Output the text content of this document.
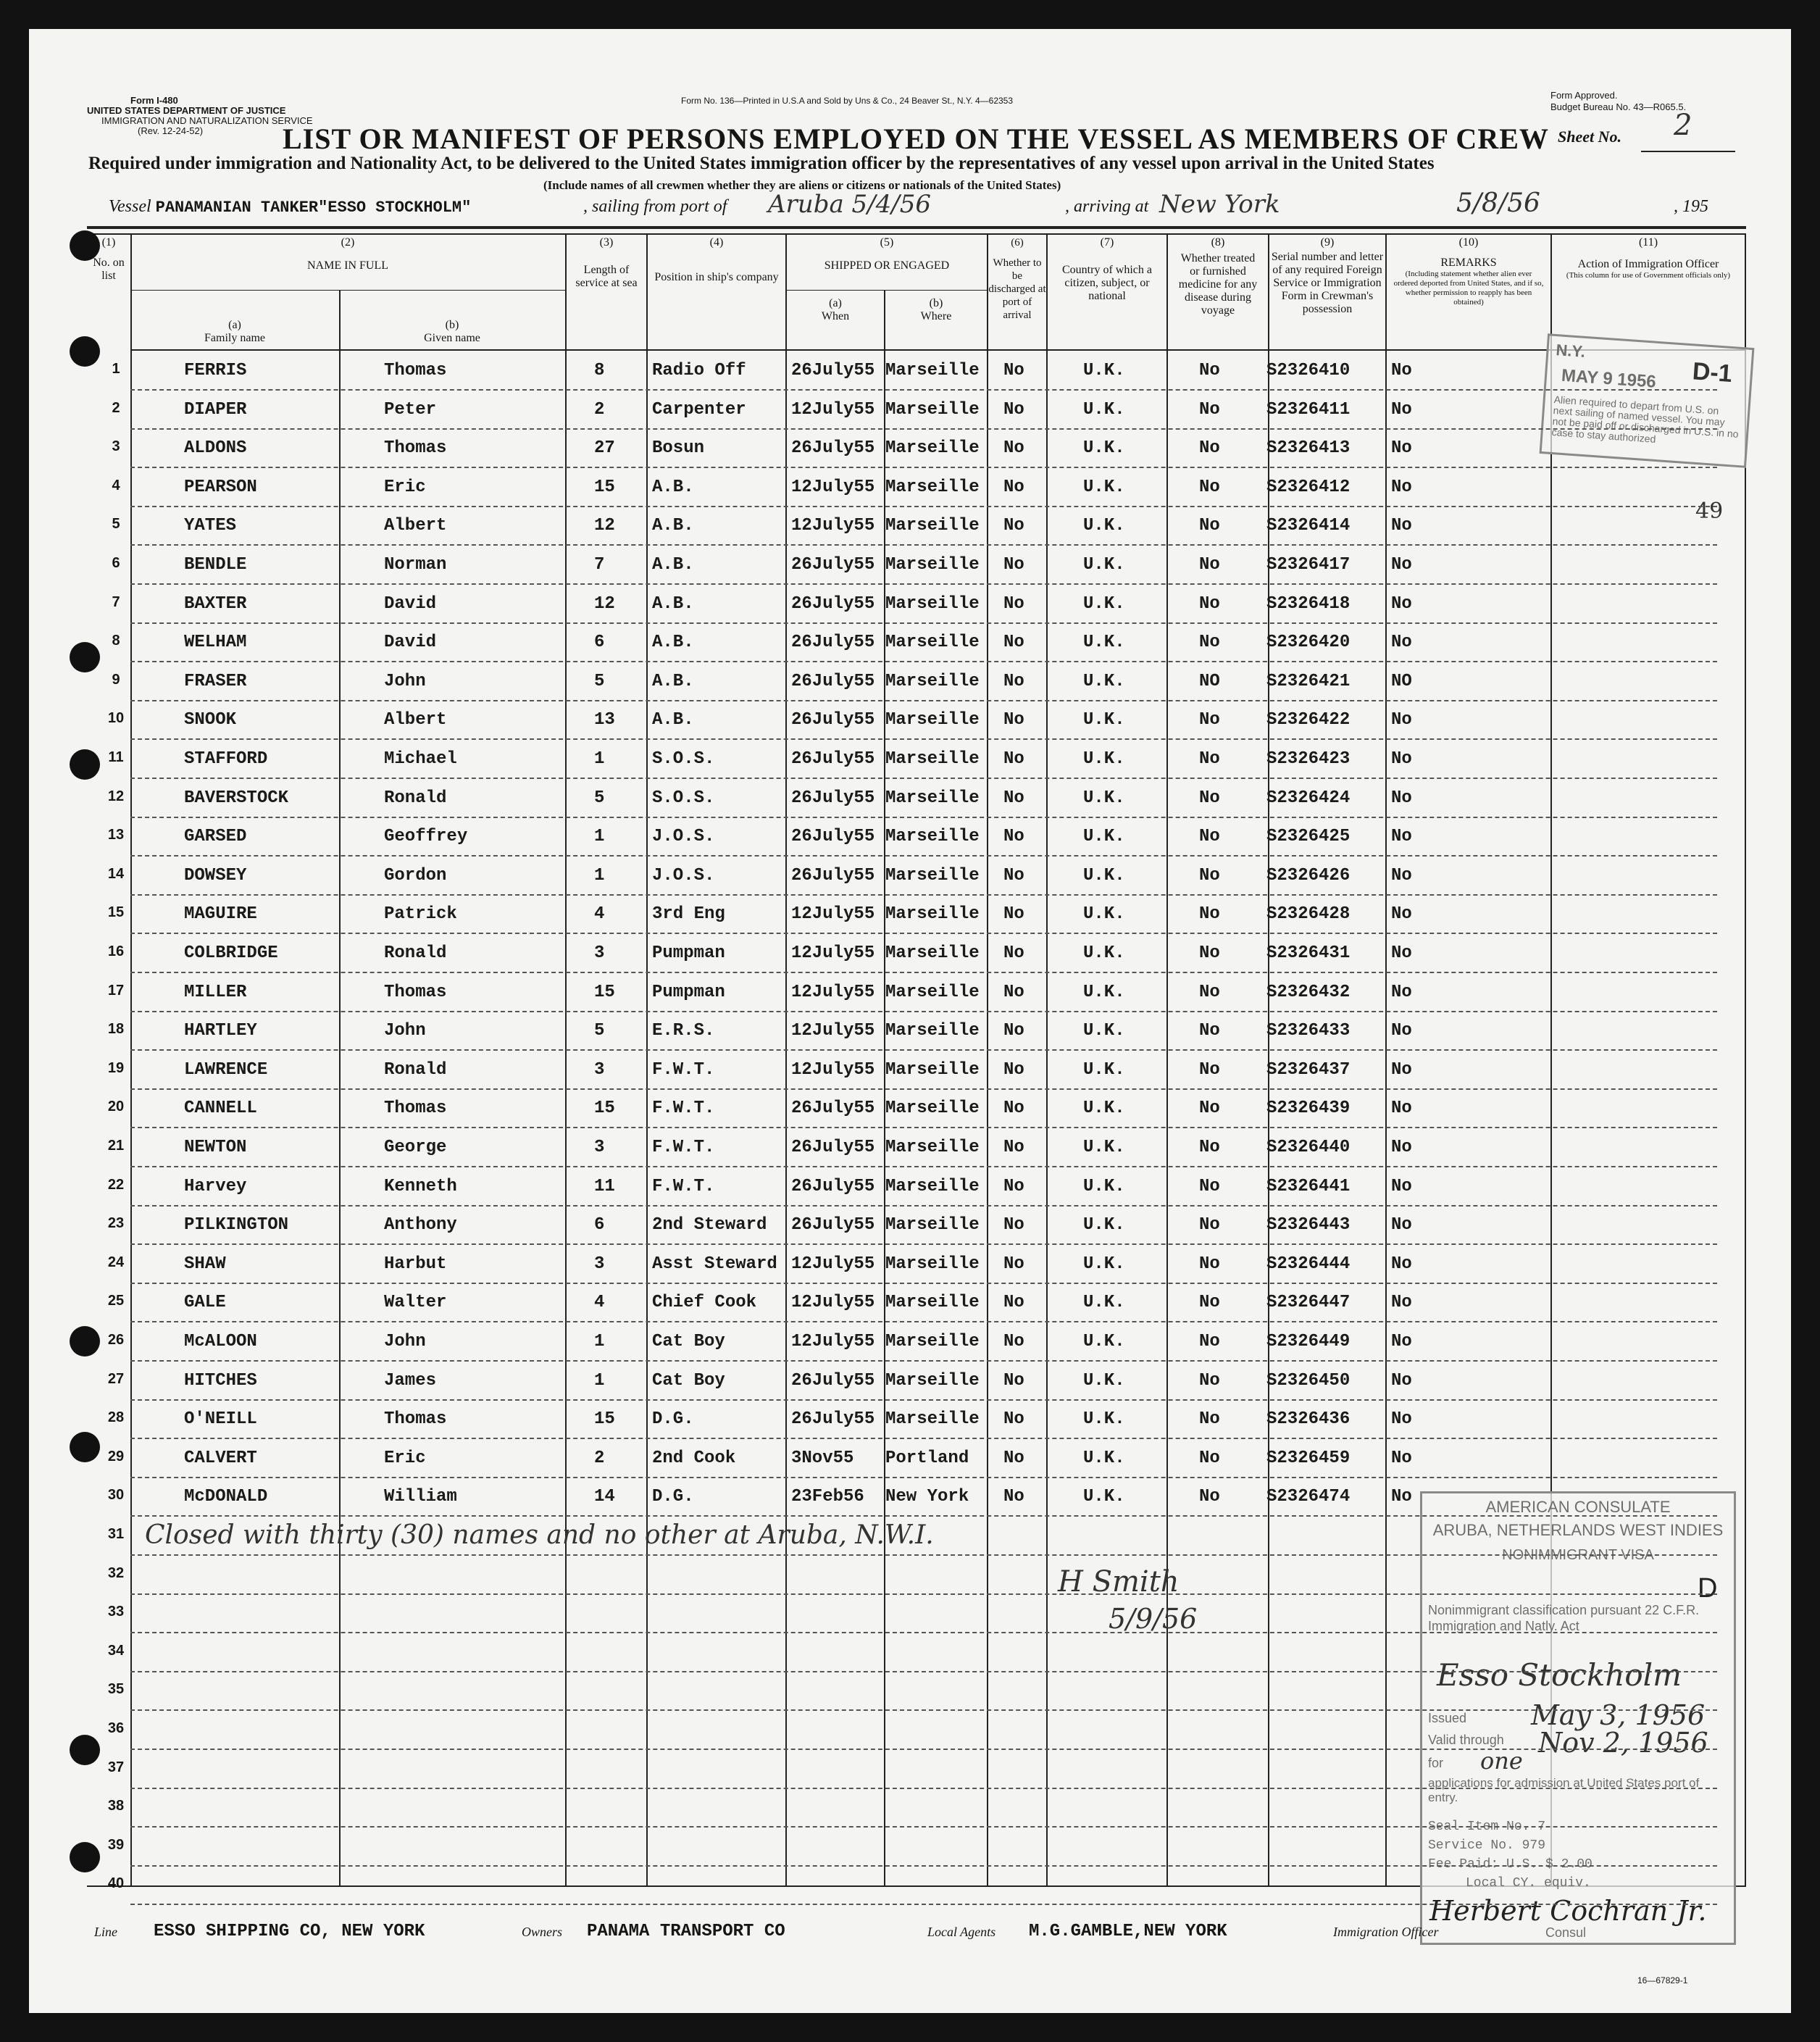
Form I-480
UNITED STATES DEPARTMENT OF JUSTICE
IMMIGRATION AND NATURALIZATION SERVICE
(Rev. 12-24-52)
Form No. 136—Printed in U.S.A and Sold by Uns & Co., 24 Beaver St., N.Y. 4—62353	Form Approved.
Budget Bureau No. 43—R065.5.
LIST OR MANIFEST OF PERSONS EMPLOYED ON THE VESSEL AS MEMBERS OF CREW Sheet No. 2
Required under immigration and Nationality Act, to be delivered to the United States immigration officer by the representatives of any vessel upon arrival in the United States
(Include names of all crewmen whether they are aliens or citizens or nationals of the United States)
Vessel PANAMANIAN TANKER"ESSO STOCKHOLM"	, sailing from port of Aruba 5/4/56	, arriving at New York	5/8/56	, 195
(1)
No. on list
(2)
NAME IN FULL
(a)
Family name
(b)
Given name
(3)
Length of service at sea
(4)
Position in ship's company
(5)
SHIPPED OR ENGAGED
(a)
When
(b)
Where
(6)
Whether to be discharged at port of arrival
(7)
Country of which a citizen, subject, or national
(8)
Whether treated or furnished medicine for any disease during voyage
(9)
Serial number and letter of any required Foreign Service or Immigration Form in Crewman's possession
(10)
REMARKS
(Including statement whether alien ever ordered deported from United States, and if so, whether permission to reapply has been obtained)
(11)
Action of Immigration Officer
(This column for use of Government officials only)
Closed with thirty (30) names and no other at Aruba, N.W.I.
H Smith
5/9/56
N.Y.
MAY 9 1956 D-1
Alien required to depart from U.S. on next sailing of named vessel. You may not be paid off or discharged in U.S. in no case to stay authorized
49
AMERICAN CONSULATE
ARUBA, NETHERLANDS WEST INDIES
NONIMMIGRANT VISA
D
Nonimmigrant classification pursuant 22 C.F.R. Immigration and Natly. Act
Esso Stockholm
Issued May 3, 1956
Valid through Nov 2, 1956
for one
applications for admission at United States port of entry.
Seal Item No. 7
Service No. 979
Fee Paid: U.S. $ 2.00
Local CY. equiv.
Herbert Cochran Jr.
Consul
Line ESSO SHIPPING CO, NEW YORK	Owners PANAMA TRANSPORT CO	Local Agents M.G.GAMBLE,NEW YORK	Immigration Officer
16—67829-1
1	FERRIS	Thomas	8	Radio Off	26July55 Marseille No	U.K.	No	S2326410 No
2	DIAPER	Peter	2	Carpenter	12July55 Marseille No	U.K.	No	S2326411 No
3	ALDONS	Thomas	27 Bosun	26July55 Marseille No	U.K.	No	S2326413 No
4	PEARSON	Eric	15 A.B.	12July55 Marseille No	U.K.	No	S2326412 No
5	YATES	Albert	12 A.B.	12July55 Marseille No	U.K.	No	S2326414 No
6	BENDLE	Norman	7	A.B.	26July55 Marseille No	U.K.	No	S2326417 No
7	BAXTER	David	12 A.B.	26July55 Marseille No	U.K.	No	S2326418 No
8	WELHAM	David	6	A.B.	26July55 Marseille No	U.K.	No	S2326420 No
9	FRASER	John	5	A.B.	26July55 Marseille No	U.K.	NO	S2326421 NO
10	SNOOK	Albert	13 A.B.	26July55 Marseille No	U.K.	No	S2326422 No
11	STAFFORD	Michael	1	S.O.S.	26July55 Marseille No	U.K.	No	S2326423 No
12	BAVERSTOCK	Ronald	5	S.O.S.	26July55 Marseille No	U.K.	No	S2326424 No
13	GARSED	Geoffrey	1	J.O.S.	26July55 Marseille No	U.K.	No	S2326425 No
14	DOWSEY	Gordon	1	J.O.S.	26July55 Marseille No	U.K.	No	S2326426 No
15	MAGUIRE	Patrick	4	3rd Eng	12July55 Marseille No	U.K.	No	S2326428 No
16	COLBRIDGE	Ronald	3	Pumpman	12July55 Marseille No	U.K.	No	S2326431 No
17	MILLER	Thomas	15 Pumpman	12July55 Marseille No	U.K.	No	S2326432 No
18	HARTLEY	John	5	E.R.S.	12July55 Marseille No	U.K.	No	S2326433 No
19	LAWRENCE	Ronald	3	F.W.T.	12July55 Marseille No	U.K.	No	S2326437 No
20	CANNELL	Thomas	15 F.W.T.	26July55 Marseille No	U.K.	No	S2326439 No
21	NEWTON	George	3	F.W.T.	26July55 Marseille No	U.K.	No	S2326440 No
22	Harvey	Kenneth	11 F.W.T.	26July55 Marseille No	U.K.	No	S2326441 No
23	PILKINGTON	Anthony	6	2nd Steward 26July55 Marseille No	U.K.	No	S2326443 No
24	SHAW	Harbut	3	Asst Steward 12July55 Marseille No	U.K.	No	S2326444 No
25	GALE	Walter	4	Chief Cook 12July55 Marseille No	U.K.	No	S2326447 No
26	McALOON	John	1	Cat Boy	12July55 Marseille No	U.K.	No	S2326449 No
27	HITCHES	James	1	Cat Boy	26July55 Marseille No	U.K.	No	S2326450 No
28	O'NEILL	Thomas	15 D.G.	26July55 Marseille No	U.K.	No	S2326436 No
29	CALVERT	Eric	2	2nd Cook	3Nov55 Portland No	U.K.	No	S2326459 No
30	McDONALD	William	14 D.G.	23Feb56 New York No	U.K.	No	S2326474 No
31
32
33
34
35
36
37
38
39
40
